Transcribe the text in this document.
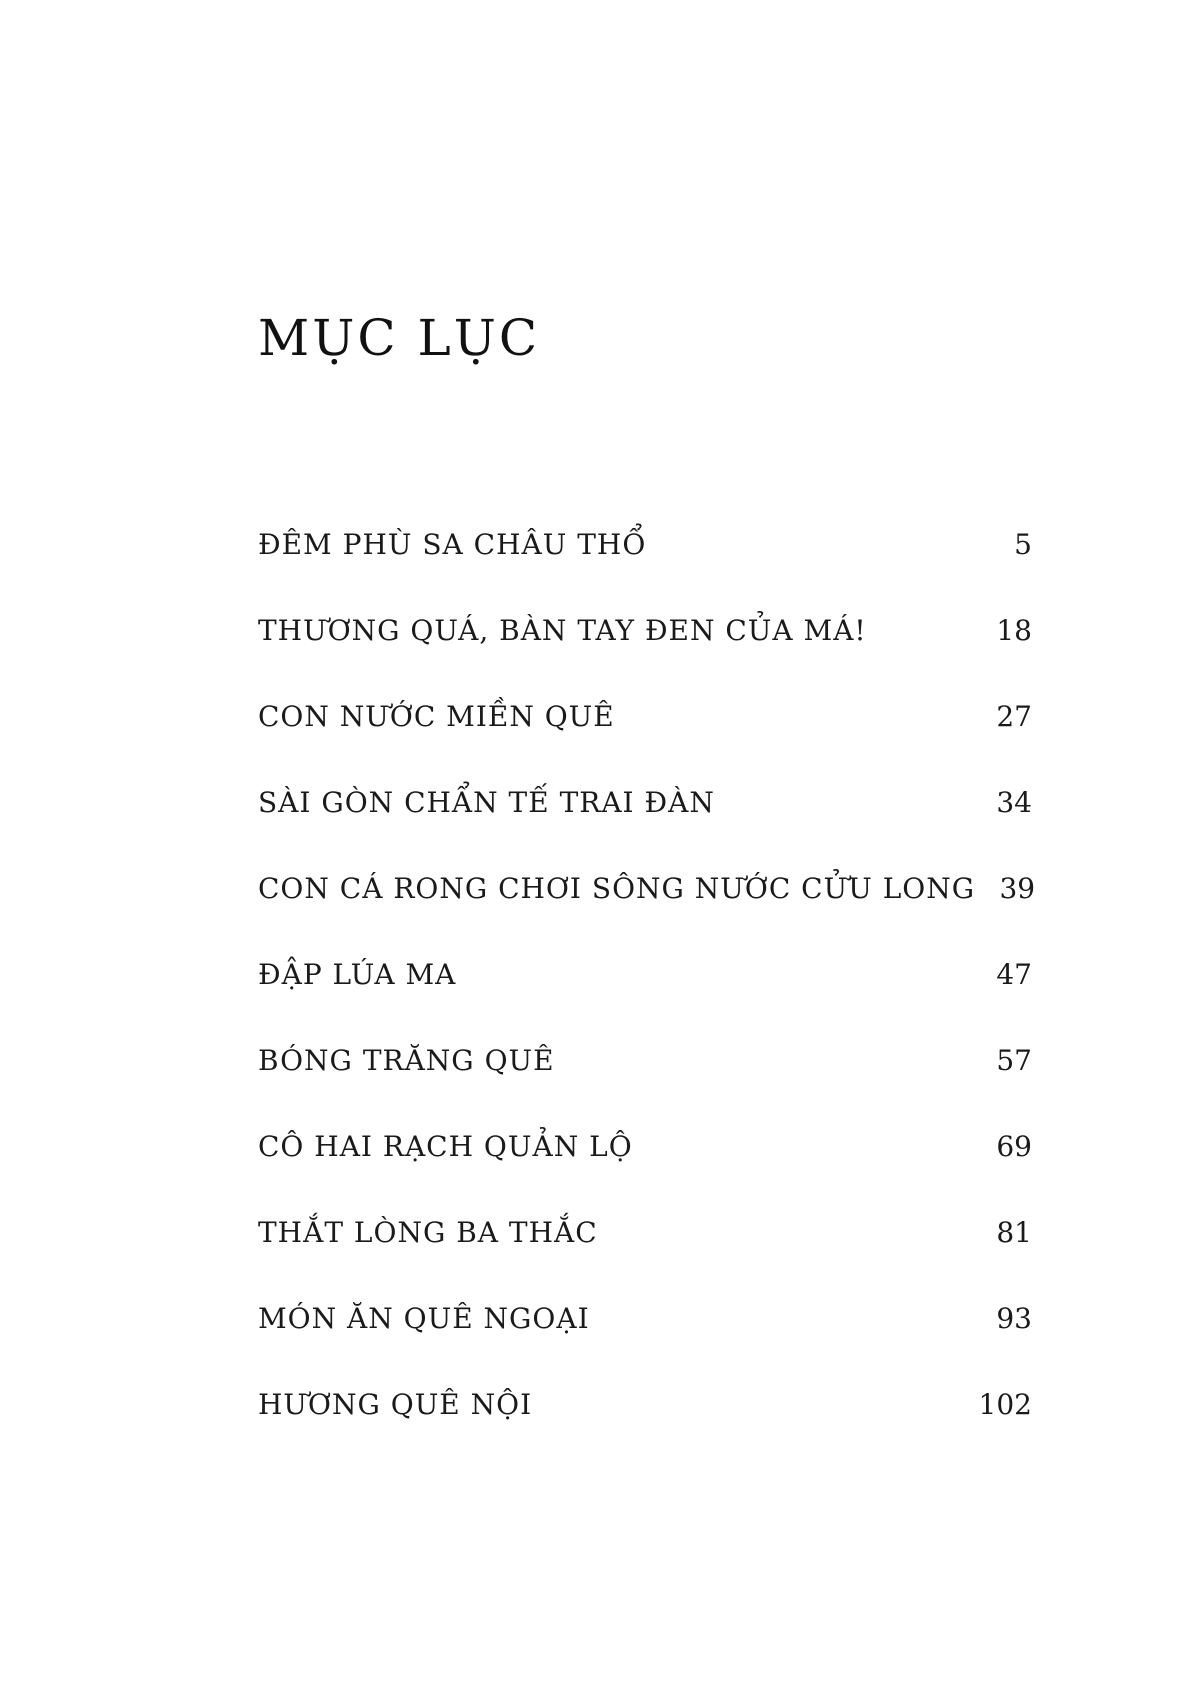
MỤC LỤC
ĐÊM PHÙ SA CHÂU THỔ	5
THƯƠNG QUÁ, BÀN TAY ĐEN CỦA MÁ!	18
CON NƯỚC MIỀN QUÊ	27
SÀI GÒN CHẨN TẾ TRAI ĐÀN	34
CON CÁ RONG CHƠI SÔNG NƯỚC CỬU LONG 39
ĐẬP LÚA MA	47
BÓNG TRĂNG QUÊ	57
CÔ HAI RẠCH QUẢN LỘ	69
THẮT LÒNG BA THẮC	81
MÓN ĂN QUÊ NGOẠI	93
HƯƠNG QUÊ NỘI	102
